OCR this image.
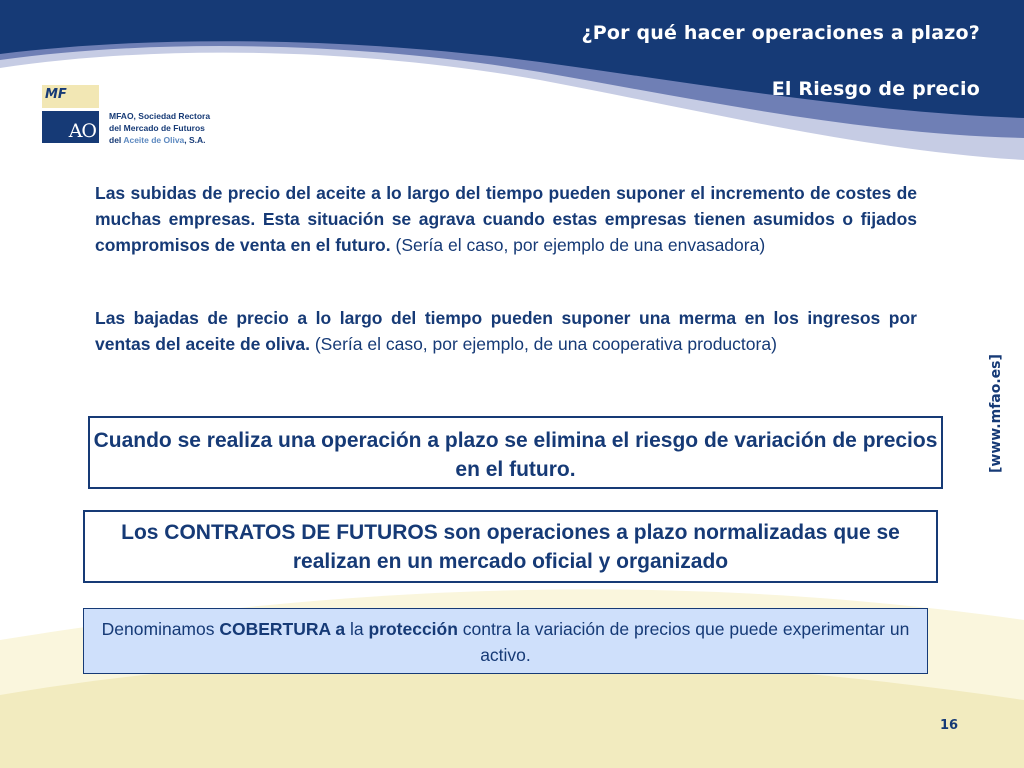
¿Por qué hacer operaciones a plazo?
El Riesgo de precio
MF
AO
MFAO, Sociedad Rectora
del Mercado de Futuros
del Aceite de Oliva, S.A.
[www.mfao.es]
Las subidas de precio del aceite a lo largo del tiempo pueden suponer el incremento de costes de muchas empresas. Esta situación se agrava cuando estas empresas tienen asumidos o fijados compromisos de venta en el futuro. (Sería el caso, por ejemplo de una envasadora)
Las bajadas de precio a lo largo del tiempo pueden suponer una merma en los ingresos por ventas del aceite de oliva. (Sería el caso, por ejemplo, de una cooperativa productora)
Cuando se realiza una operación a plazo se elimina el riesgo de variación de precios en el futuro.
Los CONTRATOS DE FUTUROS son operaciones a plazo normalizadas que se realizan en un mercado oficial y organizado
Denominamos COBERTURA a la protección contra la variación de precios que puede experimentar un activo.
16
